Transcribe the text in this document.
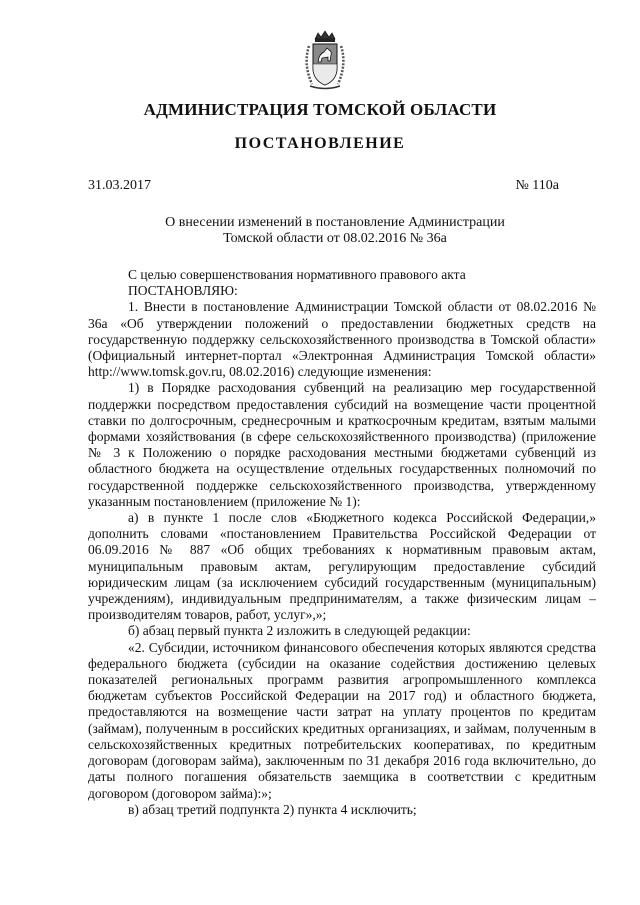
АДМИНИСТРАЦИЯ ТОМСКОЙ ОБЛАСТИ
ПОСТАНОВЛЕНИЕ
31.03.2017	№ 110а
О внесении изменений в постановление Администрации
Томской области от 08.02.2016 № 36а

С целью совершенствования нормативного правового акта

ПОСТАНОВЛЯЮ:

1. Внести в постановление Администрации Томской области от 08.02.2016 № 36а «Об утверждении положений о предоставлении бюджетных средств на государственную поддержку сельскохозяйственного производства в Томской области» (Официальный интернет-портал «Электронная Администрация Томской области» http://www.tomsk.gov.ru, 08.02.2016) следующие изменения:

1) в Порядке расходования субвенций на реализацию мер государственной поддержки посредством предоставления субсидий на возмещение части процентной ставки по долгосрочным, среднесрочным и краткосрочным кредитам, взятым малыми формами хозяйствования (в сфере сельскохозяйственного производства) (приложение № 3 к Положению о порядке расходования местными бюджетами субвенций из областного бюджета на осуществление отдельных государственных полномочий по государственной поддержке сельскохозяйственного производства, утвержденному указанным постановлением (приложение № 1):

а) в пункте 1 после слов «Бюджетного кодекса Российской Федерации,» дополнить словами «постановлением Правительства Российской Федерации от 06.09.2016 № 887 «Об общих требованиях к нормативным правовым актам, муниципальным правовым актам, регулирующим предоставление субсидий юридическим лицам (за исключением субсидий государственным (муниципальным) учреждениям), индивидуальным предпринимателям, а также физическим лицам – производителям товаров, работ, услуг»,»;

б) абзац первый пункта 2 изложить в следующей редакции:

«2. Субсидии, источником финансового обеспечения которых являются средства федерального бюджета (субсидии на оказание содействия достижению целевых показателей региональных программ развития агропромышленного комплекса бюджетам субъектов Российской Федерации на 2017 год) и областного бюджета, предоставляются на возмещение части затрат на уплату процентов по кредитам (займам), полученным в российских кредитных организациях, и займам, полученным в сельскохозяйственных кредитных потребительских кооперативах, по кредитным договорам (договорам займа), заключенным по 31 декабря 2016 года включительно, до даты полного погашения обязательств заемщика в соответствии с кредитным договором (договором займа):»;

в) абзац третий подпункта 2) пункта 4 исключить;
